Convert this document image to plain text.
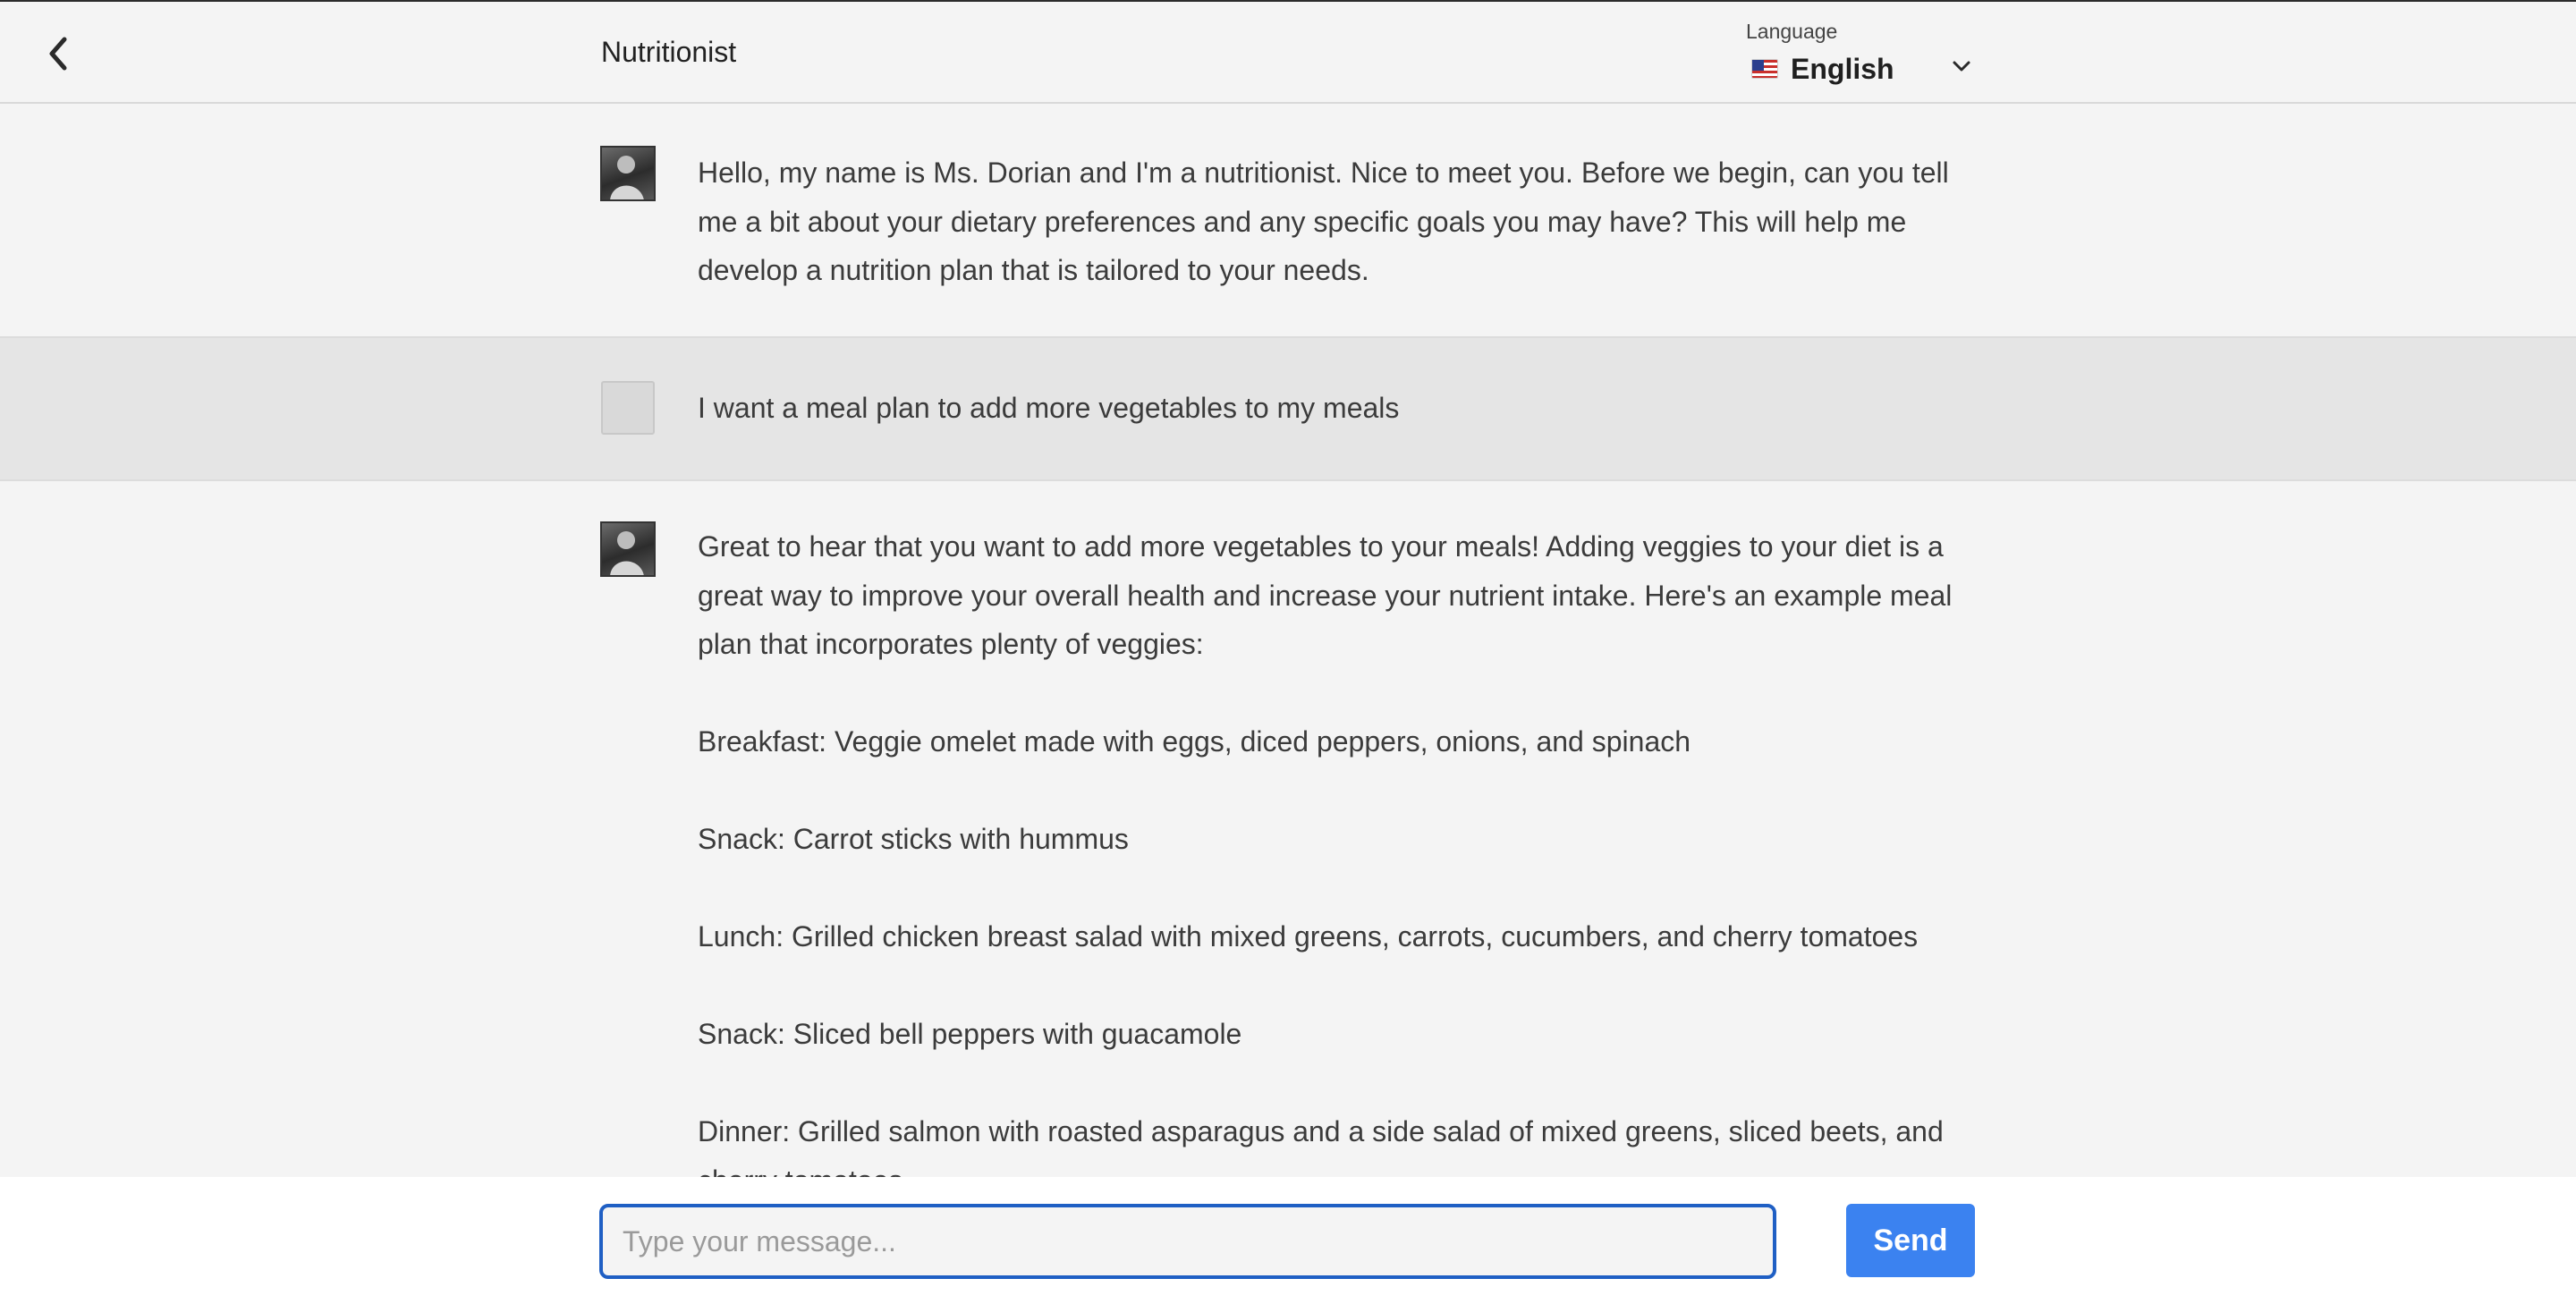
Nutritionist
Language
English

Hello, my name is Ms. Dorian and I'm a nutritionist. Nice to meet you. Before we begin, can you tell me a bit about your dietary preferences and any specific goals you may have? This will help me develop a nutrition plan that is tailored to your needs.

I want a meal plan to add more vegetables to my meals

Great to hear that you want to add more vegetables to your meals! Adding veggies to your diet is a great way to improve your overall health and increase your nutrient intake. Here's an example meal plan that incorporates plenty of veggies:

Breakfast: Veggie omelet made with eggs, diced peppers, onions, and spinach

Snack: Carrot sticks with hummus

Lunch: Grilled chicken breast salad with mixed greens, carrots, cucumbers, and cherry tomatoes

Snack: Sliced bell peppers with guacamole

Dinner: Grilled salmon with roasted asparagus and a side salad of mixed greens, sliced beets, and

Type your message...
Send
